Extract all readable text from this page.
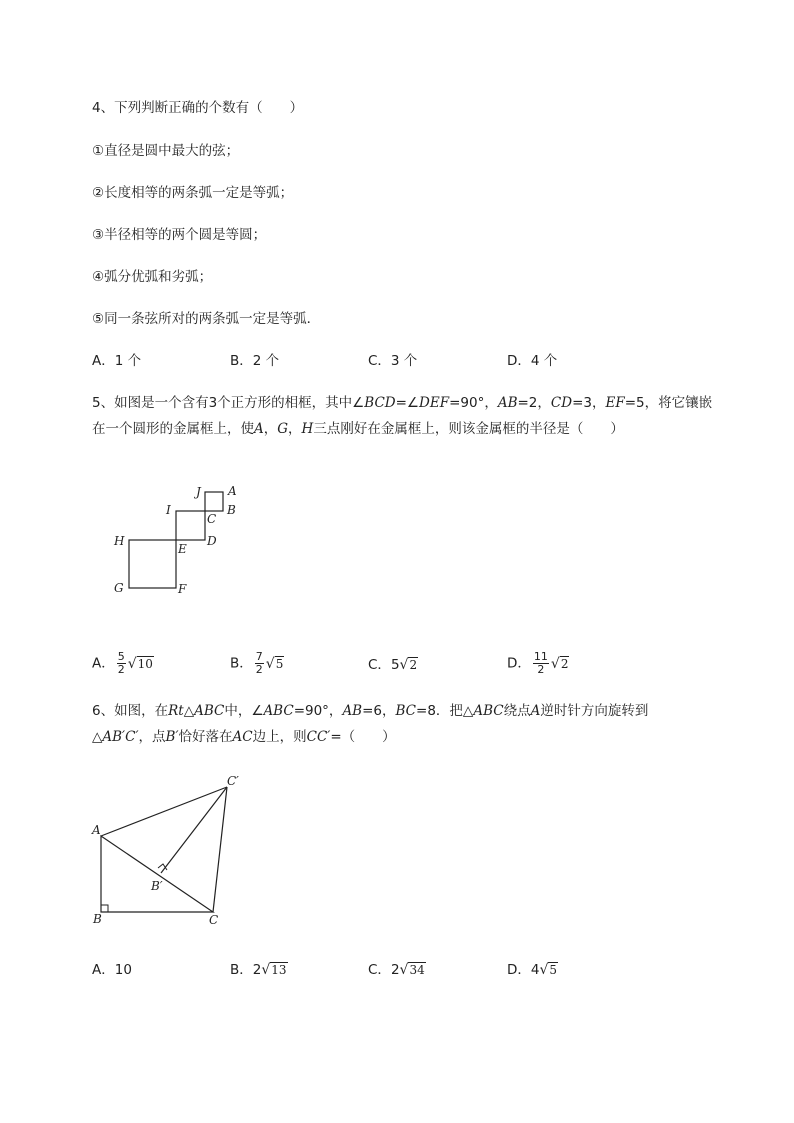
4、下列判断正确的个数有（　　）
①直径是圆中最大的弦；
②长度相等的两条弧一定是等弧；
③半径相等的两个圆是等圆；
④弧分优弧和劣弧；
⑤同一条弦所对的两条弧一定是等弧．
A．1 个	B．2 个	C．3 个	D．4 个
5、如图是一个含有3个正方形的相框，其中∠BCD=∠DEF=90°，AB=2，CD=3，EF=5，将它镶嵌
在一个圆形的金属框上，使A，G，H三点刚好在金属框上，则该金属框的半径是（　　）
J A
C
B
I
H
E
D
G	F
A． $\frac{5}{2} √10$	B． $\frac{7}{2} √5$	C．5√2	D． $\frac{11}{2} √2$
6、如图，在Rt△ABC中，∠ABC=90°，AB=6，BC=8．把△ABC绕点A逆时针方向旋转到
△AB′C′，点B′恰好落在AC边上，则CC′=（　　）
C′
A
B′
B	C
A．10	B．2√13	C．2√34	D．4√5
